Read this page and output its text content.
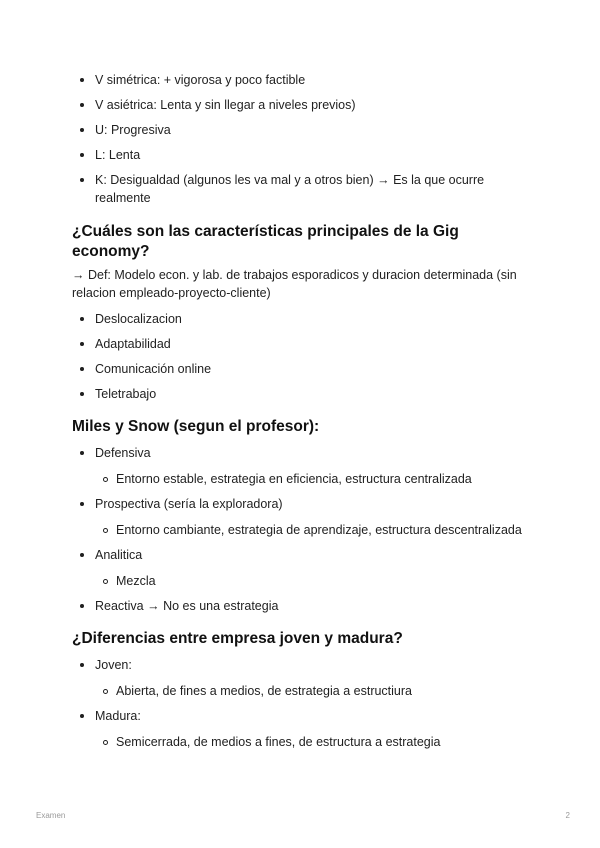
V simétrica: + vigorosa y poco factible
V asiétrica: Lenta y sin llegar a niveles previos)
U: Progresiva
L: Lenta
K: Desigualdad (algunos les va mal y a otros bien) → Es la que ocurre realmente
¿Cuáles son las características principales de la Gig economy?

→ Def: Modelo econ. y lab. de trabajos esporadicos y duracion determinada (sin relacion empleado-proyecto-cliente)

Deslocalizacion
Adaptabilidad
Comunicación online
Teletrabajo
Miles y Snow (segun el profesor):
Defensiva
Entorno estable, estrategia en eficiencia, estructura centralizada
Prospectiva (sería la exploradora)
Entorno cambiante, estrategia de aprendizaje, estructura descentralizada
Analitica
Mezcla
Reactiva → No es una estrategia
¿Diferencias entre empresa joven y madura?
Joven:
Abierta, de fines a medios, de estrategia a estructiura
Madura:
Semicerrada, de medios a fines, de estructura a estrategia
Examen	2
